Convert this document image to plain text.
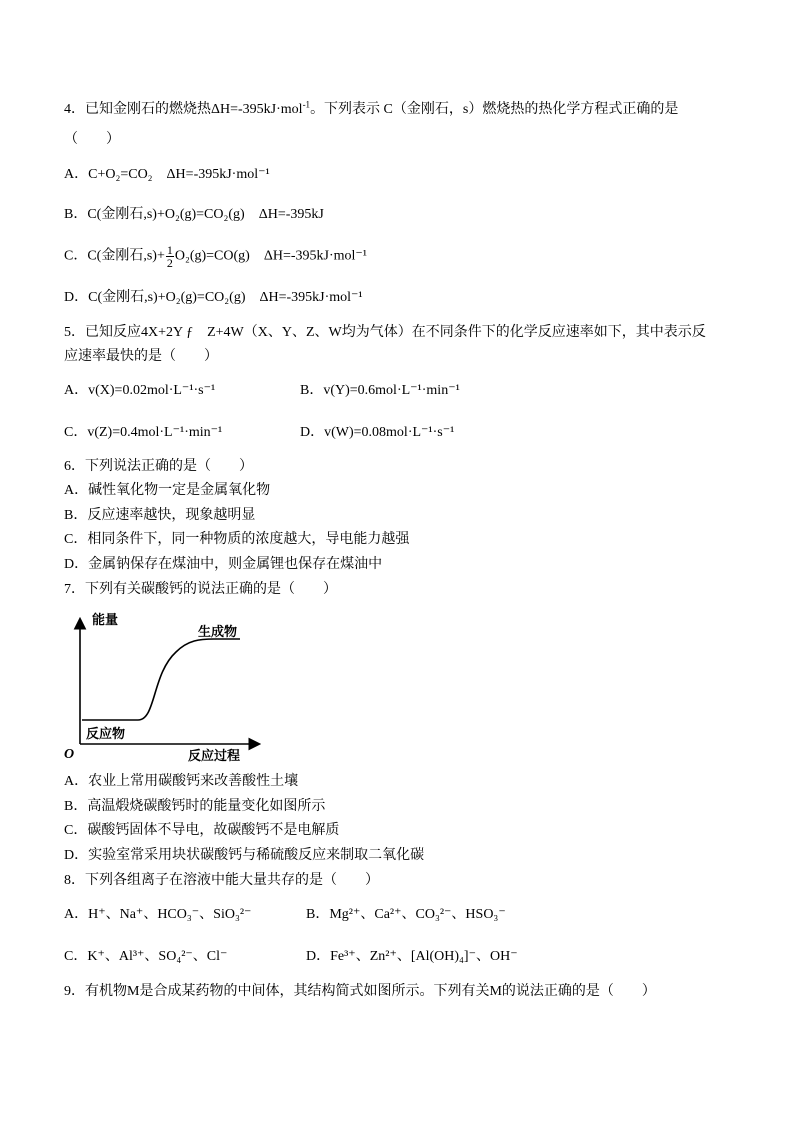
4．已知金刚石的燃烧热ΔH=-395kJ·mol$^{-1}$。下列表示 C（金刚石，s）燃烧热的热化学方程式正确的是
（　　）
A．C+O₂=CO₂　ΔH=-395kJ·mol⁻¹
B．C(金刚石,s)+O₂(g)=CO₂(g)　ΔH=-395kJ
C．C(金刚石$,s)+ \frac{1}{2} O_2(g)=CO(g)$　ΔH=-395kJ·mol⁻¹
D．C(金刚石,s)+O₂(g)=CO₂(g)　ΔH=-395kJ·mol⁻¹
5．已知反应4X+2Y ƒ　Z+4W（X、Y、Z、W均为气体）在不同条件下的化学反应速率如下，其中表示反
应速率最快的是（　　）
A．v(X)=0.02mol·L⁻¹·s⁻¹	B．v(Y)=0.6mol·L⁻¹·min⁻¹
C．v(Z)=0.4mol·L⁻¹·min⁻¹	D．v(W)=0.08mol·L⁻¹·s⁻¹
6．下列说法正确的是（　　）
A．碱性氧化物一定是金属氧化物
B．反应速率越快，现象越明显
C．相同条件下，同一种物质的浓度越大，导电能力越强
D．金属钠保存在煤油中，则金属锂也保存在煤油中
7．下列有关碳酸钙的说法正确的是（　　）
能量
反应过程
O
生成物
反应物
A．农业上常用碳酸钙来改善酸性土壤
B．高温煅烧碳酸钙时的能量变化如图所示
C．碳酸钙固体不导电，故碳酸钙不是电解质
D．实验室常采用块状碳酸钙与稀硫酸反应来制取二氧化碳
8．下列各组离子在溶液中能大量共存的是（　　）
A．H⁺、Na⁺、HCO₃⁻、SiO₃²⁻	B．Mg²⁺、Ca²⁺、CO₃²⁻、HSO₃⁻
C．K⁺、Al³⁺、SO₄²⁻、Cl⁻	D．Fe³⁺、Zn²⁺、[Al(OH)₄]⁻、OH⁻
9．有机物M是合成某药物的中间体，其结构简式如图所示。下列有关M的说法正确的是（　　）
